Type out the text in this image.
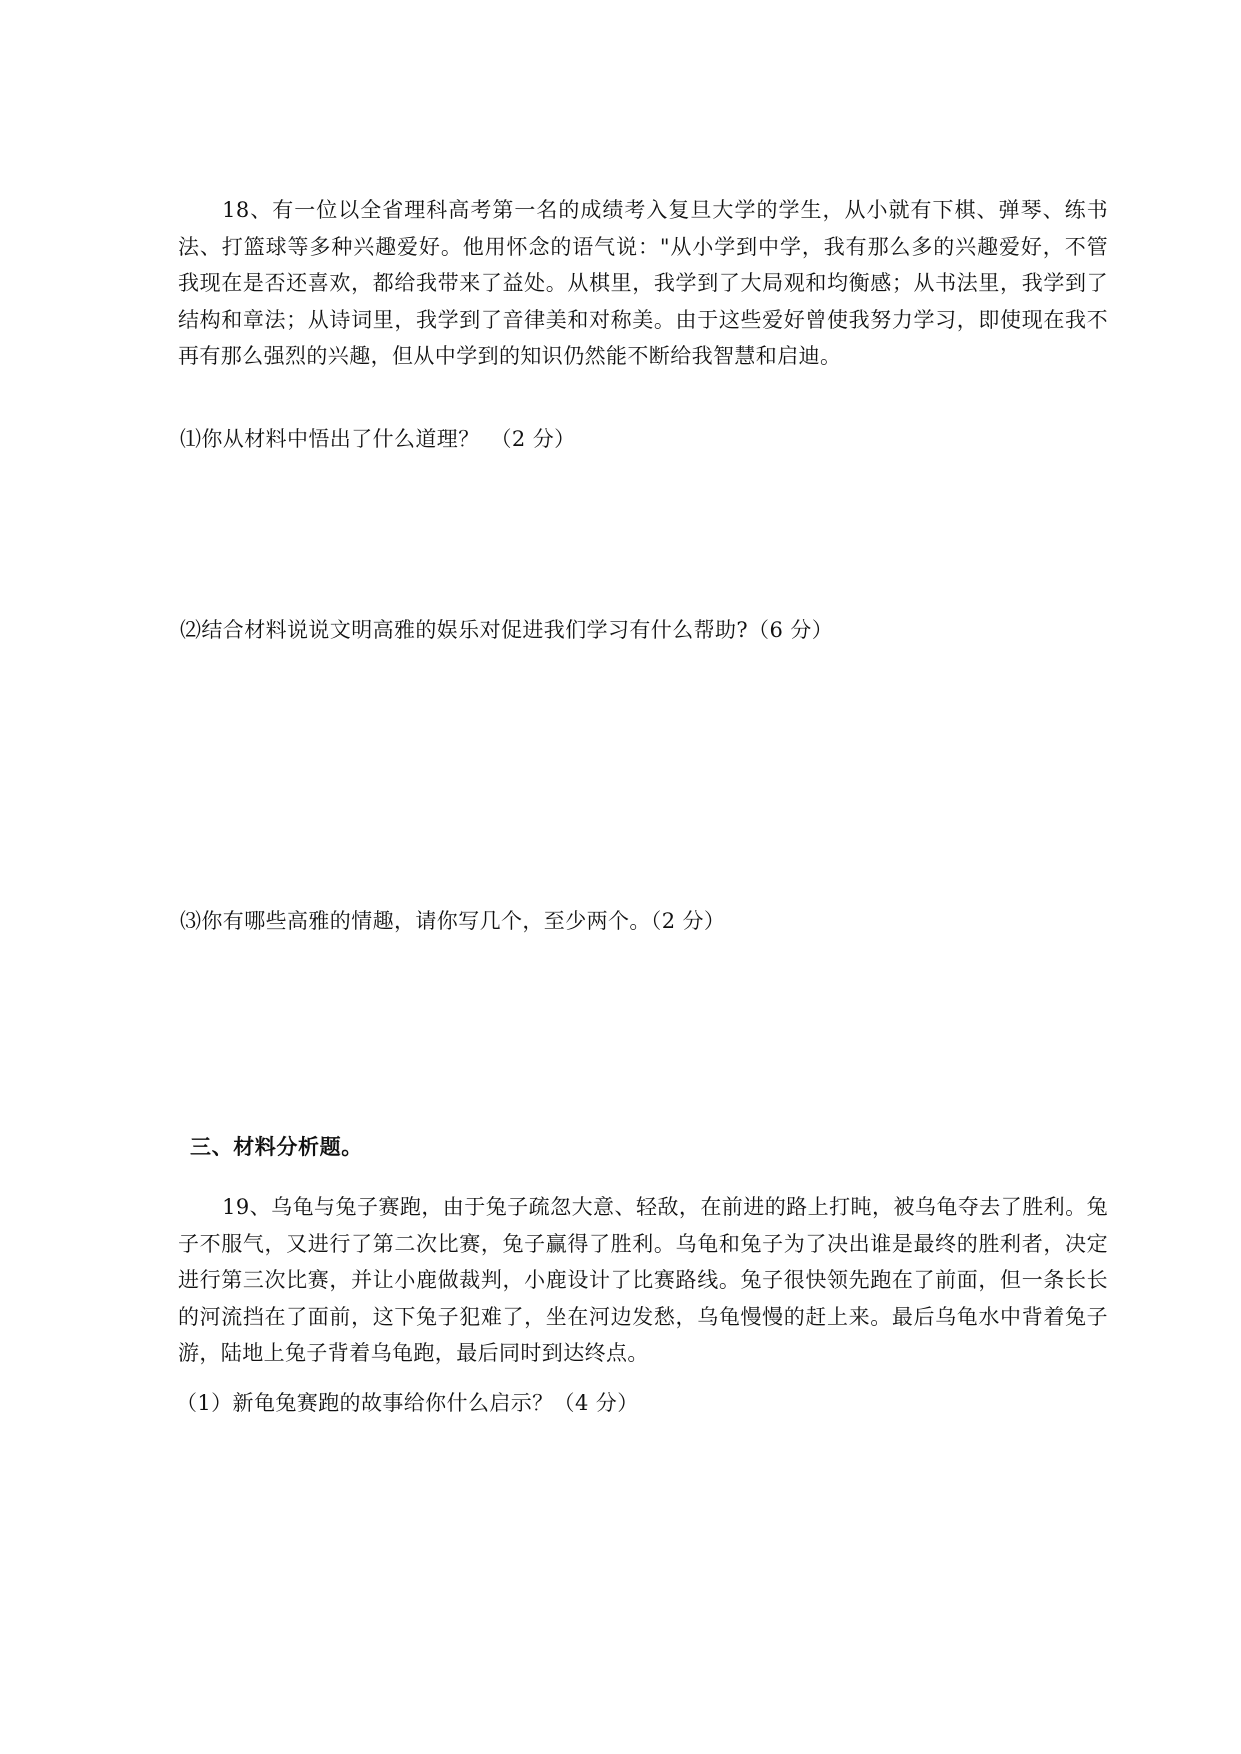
18、有一位以全省理科高考第一名的成绩考入复旦大学的学生，从小就有下棋、弹琴、练书法、打篮球等多种兴趣爱好。他用怀念的语气说："从小学到中学，我有那么多的兴趣爱好，不管我现在是否还喜欢，都给我带来了益处。从棋里，我学到了大局观和均衡感；从书法里，我学到了结构和章法；从诗词里，我学到了音律美和对称美。由于这些爱好曾使我努力学习，即使现在我不再有那么强烈的兴趣，但从中学到的知识仍然能不断给我智慧和启迪。

⑴你从材料中悟出了什么道理？　（2 分）

⑵结合材料说说文明高雅的娱乐对促进我们学习有什么帮助?（6 分）

⑶你有哪些高雅的情趣，请你写几个，至少两个。（2 分）

三、材料分析题。

19、乌龟与兔子赛跑，由于兔子疏忽大意、轻敌，在前进的路上打盹，被乌龟夺去了胜利。兔子不服气，又进行了第二次比赛，兔子赢得了胜利。乌龟和兔子为了决出谁是最终的胜利者，决定进行第三次比赛，并让小鹿做裁判，小鹿设计了比赛路线。兔子很快领先跑在了前面，但一条长长的河流挡在了面前，这下兔子犯难了，坐在河边发愁，乌龟慢慢的赶上来。最后乌龟水中背着兔子游，陆地上兔子背着乌龟跑，最后同时到达终点。

（1）新龟兔赛跑的故事给你什么启示？（4 分）
